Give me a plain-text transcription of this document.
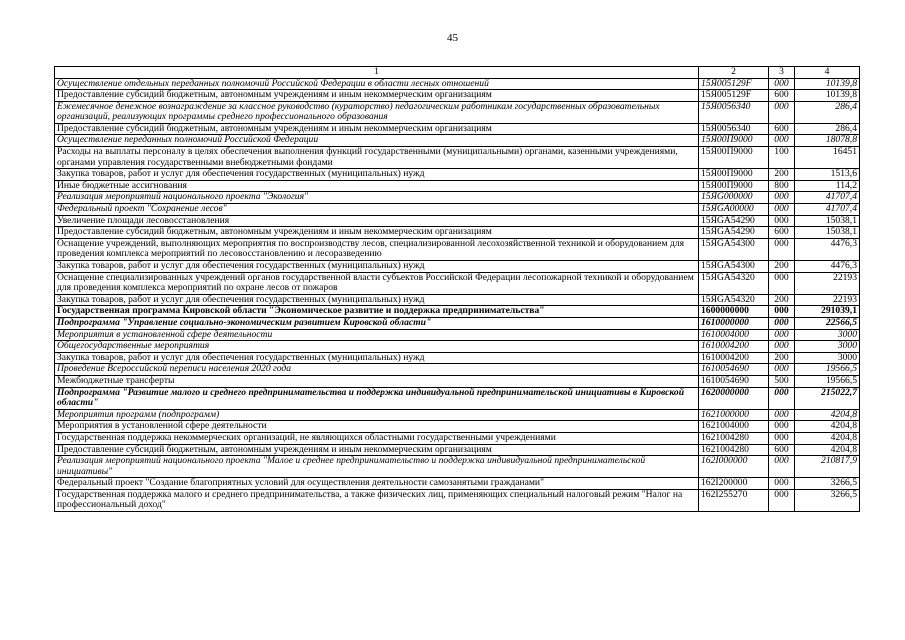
45
1	2	3	4
Осуществление отдельных переданных полномочий Российской Федерации в области лесных отношений	15Я005129F	000	10139,8
Предоставление субсидий бюджетным, автономным учреждениям и иным некоммерческим организациям	15Я005129F	600	10139,8
Ежемесячное денежное вознаграждение за классное руководство (кураторство) педагогическим работникам государственных образовательных организаций, реализующих программы среднего профессионального образования	15Я0056340	000	286,4
Предоставление субсидий бюджетным, автономным учреждениям и иным некоммерческим организациям	15Я0056340	600	286,4
Осуществление переданных полномочий Российской Федерации	15Я00П9000	000	18078,8
Расходы на выплаты персоналу в целях обеспечения выполнения функций государственными (муниципальными) органами, казенными учреждениями, органами управления государственными внебюджетными фондами	15Я00П9000	100	16451
Закупка товаров, работ и услуг для обеспечения государственных (муниципальных) нужд	15Я00П9000	200	1513,6
Иные бюджетные ассигнования	15Я00П9000	800	114,2
Реализация мероприятий национального проекта "Экология"	15ЯG000000	000	41707,4
Федеральный проект "Сохранение лесов"	15ЯGA00000	000	41707,4
Увеличение площади лесовосстановления	15ЯGA54290	000	15038,1
Предоставление субсидий бюджетным, автономным учреждениям и иным некоммерческим организациям	15ЯGA54290	600	15038,1
Оснащение учреждений, выполняющих мероприятия по воспроизводству лесов, специализированной лесохозяйственной техникой и оборудованием для проведения комплекса мероприятий по лесовосстановлению и лесоразведению	15ЯGA54300	000	4476,3
Закупка товаров, работ и услуг для обеспечения государственных (муниципальных) нужд	15ЯGA54300	200	4476,3
Оснащение специализированных учреждений органов государственной власти субъектов Российской Федерации лесопожарной техникой и оборудованием для проведения комплекса мероприятий по охране лесов от пожаров	15ЯGA54320	000	22193
Закупка товаров, работ и услуг для обеспечения государственных (муниципальных) нужд	15ЯGA54320	200	22193
Государственная программа Кировской области "Экономическое развитие и поддержка предпринимательства"	1600000000	000	291039,1
Подпрограмма "Управление социально-экономическим развитием Кировской области"	1610000000	000	22566,5
Мероприятия в установленной сфере деятельности	1610004000	000	3000
Общегосударственные мероприятия	1610004200	000	3000
Закупка товаров, работ и услуг для обеспечения государственных (муниципальных) нужд	1610004200	200	3000
Проведение Всероссийской переписи населения 2020 года	1610054690	000	19566,5
Межбюджетные трансферты	1610054690	500	19566,5
Подпрограмма "Развитие малого и среднего предпринимательства и поддержка индивидуальной предпринимательской инициативы в Кировской области"	1620000000	000	215022,7
Мероприятия программ (подпрограмм)	1621000000	000	4204,8
Мероприятия в установленной сфере деятельности	1621004000	000	4204,8
Государственная поддержка некоммерческих организаций, не являющихся областными государственными учреждениями	1621004280	000	4204,8
Предоставление субсидий бюджетным, автономным учреждениям и иным некоммерческим организациям	1621004280	600	4204,8
Реализация мероприятий национального проекта "Малое и среднее предпринимательство и поддержка индивидуальной предпринимательской инициативы"	162I000000	000	210817,9
Федеральный проект "Создание благоприятных условий для осуществления деятельности самозанятыми гражданами"	162I200000	000	3266,5
Государственная поддержка малого и среднего предпринимательства, а также физических лиц, применяющих специальный налоговый режим "Налог на профессиональный доход"	162I255270	000	3266,5
